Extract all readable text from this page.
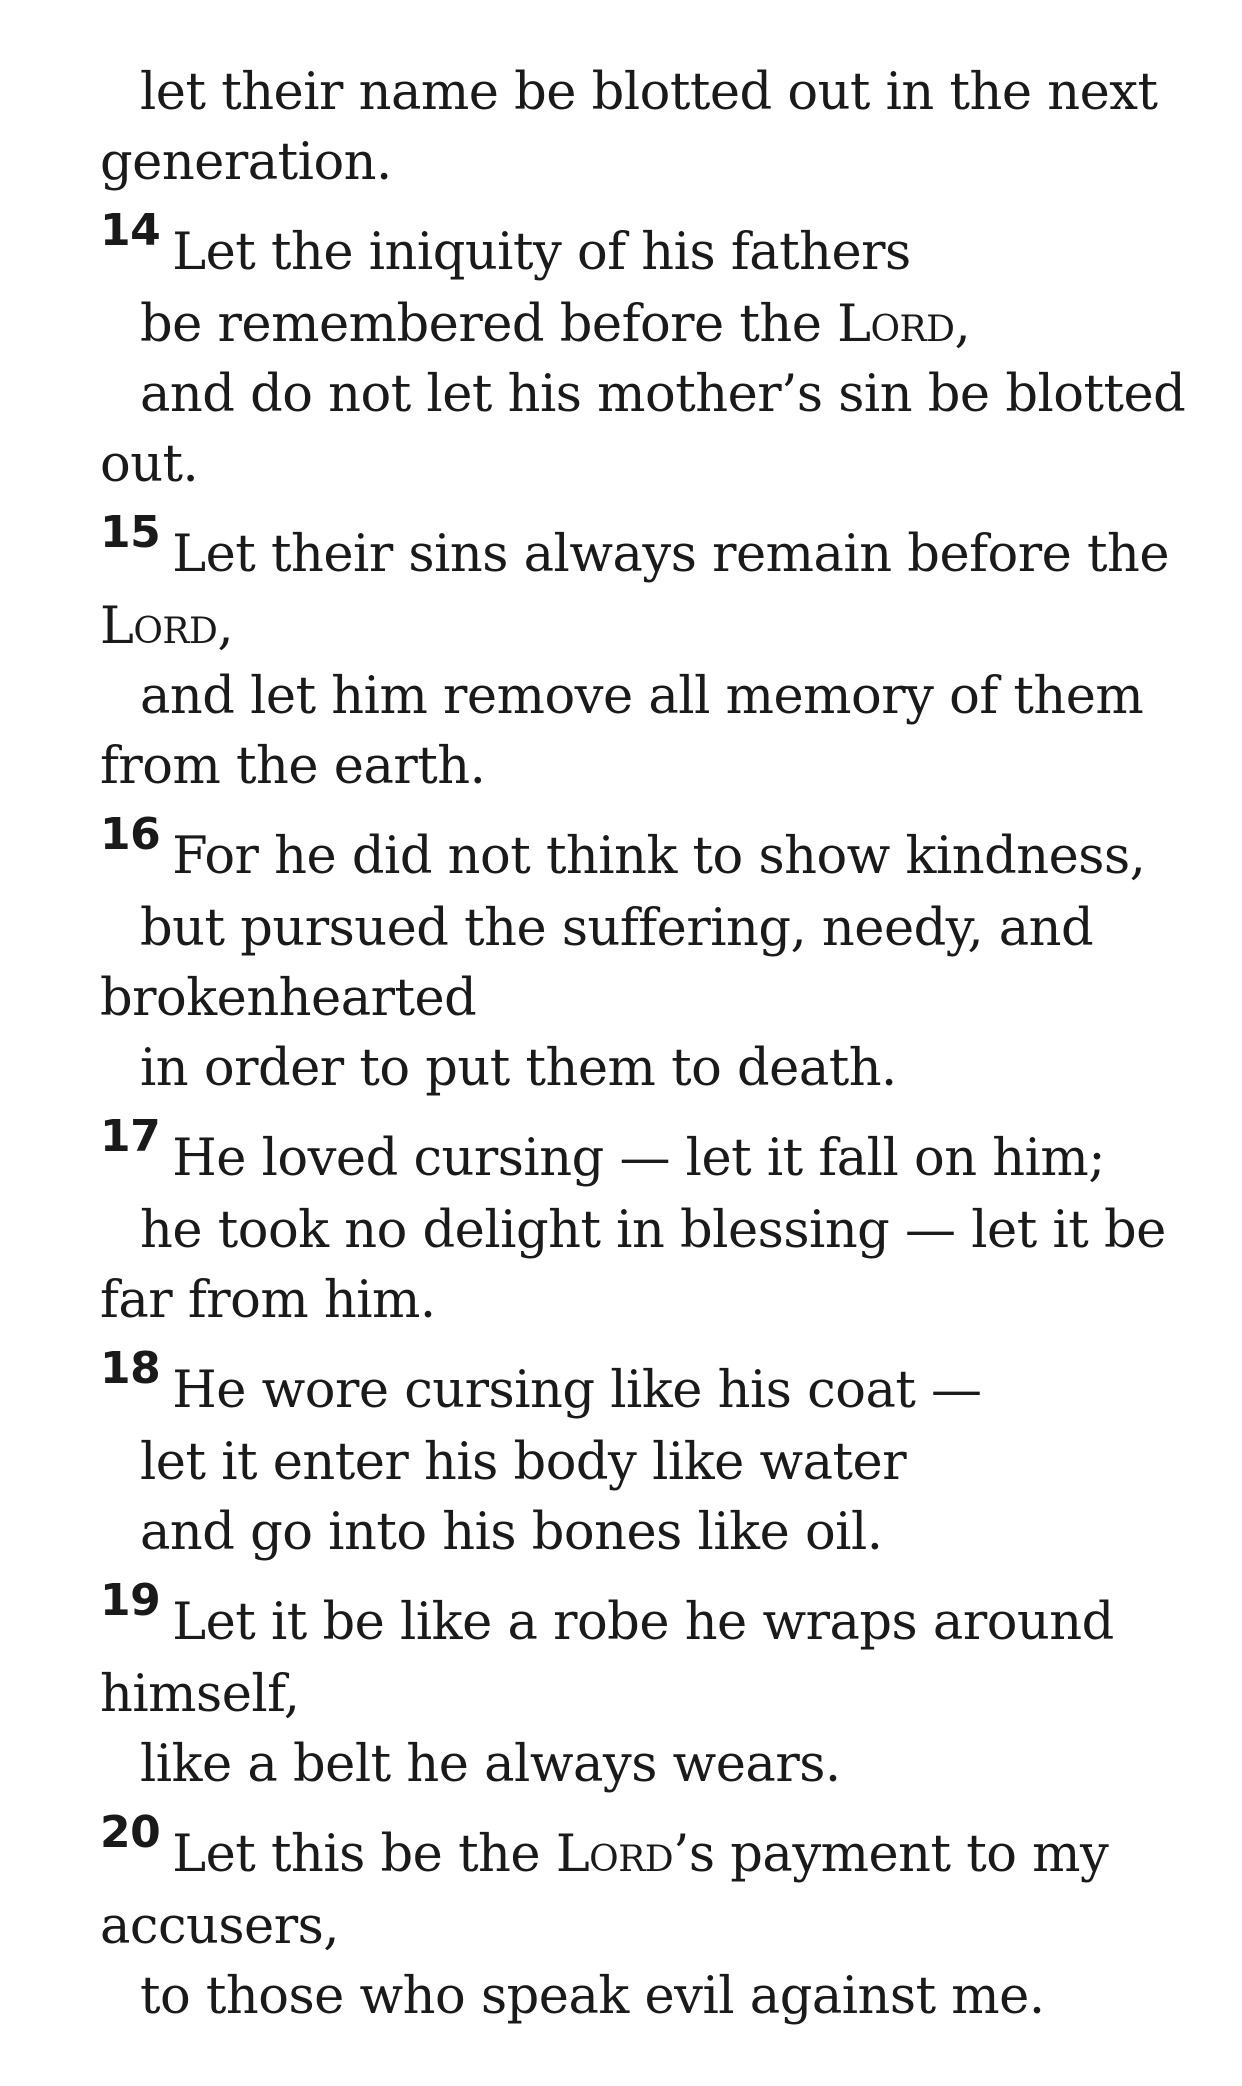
let their name be blotted out in the next
generation.
14 Let the iniquity of his fathers
be remembered before the Lord,
and do not let his mother’s sin be blotted
out.
15 Let their sins always remain before the
Lord,
and let him remove all memory of them
from the earth.
16 For he did not think to show kindness,
but pursued the suffering, needy, and
brokenhearted
in order to put them to death.
17 He loved cursing — let it fall on him;
he took no delight in blessing — let it be
far from him.
18 He wore cursing like his coat —
let it enter his body like water
and go into his bones like oil.
19 Let it be like a robe he wraps around
himself,
like a belt he always wears.
20 Let this be the Lord’s payment to my
accusers,
to those who speak evil against me.
